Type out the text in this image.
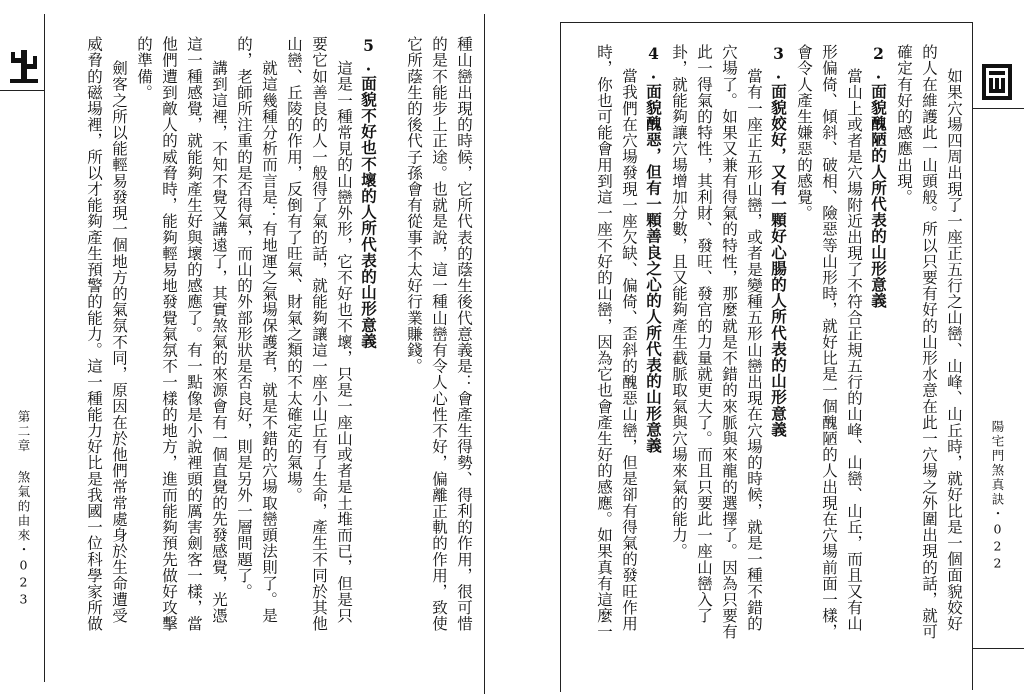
第二章 煞氣的由來・023	種山巒出現的時候，它所代表的蔭生後代意義是：會產生得勢、得利的作用，很可惜
的是不能步上正途。也就是說，這一種山巒有令人心性不好，偏離正軌的作用，致使
它所蔭生的後代子孫會有從事不太好行業賺錢。
5.面貌不好也不壞的人所代表的山形意義
這是一種常見的山巒外形，它不好也不壞，只是一座山或者是土堆而已，但是只
要它如善良的人一般得了氣的話，就能夠讓這一座小山丘有了生命，產生不同於其他
山巒、丘陵的作用，反倒有了旺氣、財氣之類的不太確定的氣場。
就這幾種分析而言是：有地運之氣場保護者，就是不錯的穴場取巒頭法則了。是
的，老師所注重的是否得氣，而山的外部形狀是否良好，則是另外一層問題了。
講到這裡，不知不覺又講遠了，其實煞氣的來源會有一個直覺的先發感覺，光憑
這一種感覺，就能夠產生好與壞的感應了。有一點像是小說裡頭的厲害劍客一樣，當
他們遭到敵人的威脅時，能夠輕易地發覺氣氛不一樣的地方，進而能夠預先做好攻擊
的準備。
劍客之所以能輕易發現一個地方的氣氛不同，原因在於他們常常處身於生命遭受
威脅的磁場裡，所以才能夠產生預警的能力。這一種能力好比是我國一位科學家所做	陽宅門煞真訣・022
如果穴場四周出現了一座正五行之山巒、山峰、山丘時，就好比是一個面貌姣好
的人在維護此一山頭般。所以只要有好的山形水意在此一穴場之外圍出現的話，就可
確定有好的感應出現。
2.面貌醜陋的人所代表的山形意義
當山上或者是穴場附近出現了不符合正規五行的山峰、山巒、山丘，而且又有山
形偏倚、傾斜、破相、險惡等山形時，就好比是一個醜陋的人出現在穴場前面一樣，
會令人產生嫌惡的感覺。
3.面貌姣好，又有一顆好心腸的人所代表的山形意義
當有一座正五形山巒，或者是變種五形山巒出現在穴場的時候，就是一種不錯的
穴場了。如果又兼有得氣的特性，那麼就是不錯的來脈與來龍的選擇了。因為只要有
此一得氣的特性，其利財、發旺、發官的力量就更大了。而且只要此一座山巒入了
卦，就能夠讓穴場增加分數，且又能夠產生截脈取氣與穴場來氣的能力。
4.面貌醜惡，但有一顆善良之心的人所代表的山形意義
當我們在穴場發現一座欠缺、偏倚、歪斜的醜惡山巒，但是卻有得氣的發旺作用
時，你也可能會用到這一座不好的山巒，因為它也會產生好的感應。如果真有這麼一
